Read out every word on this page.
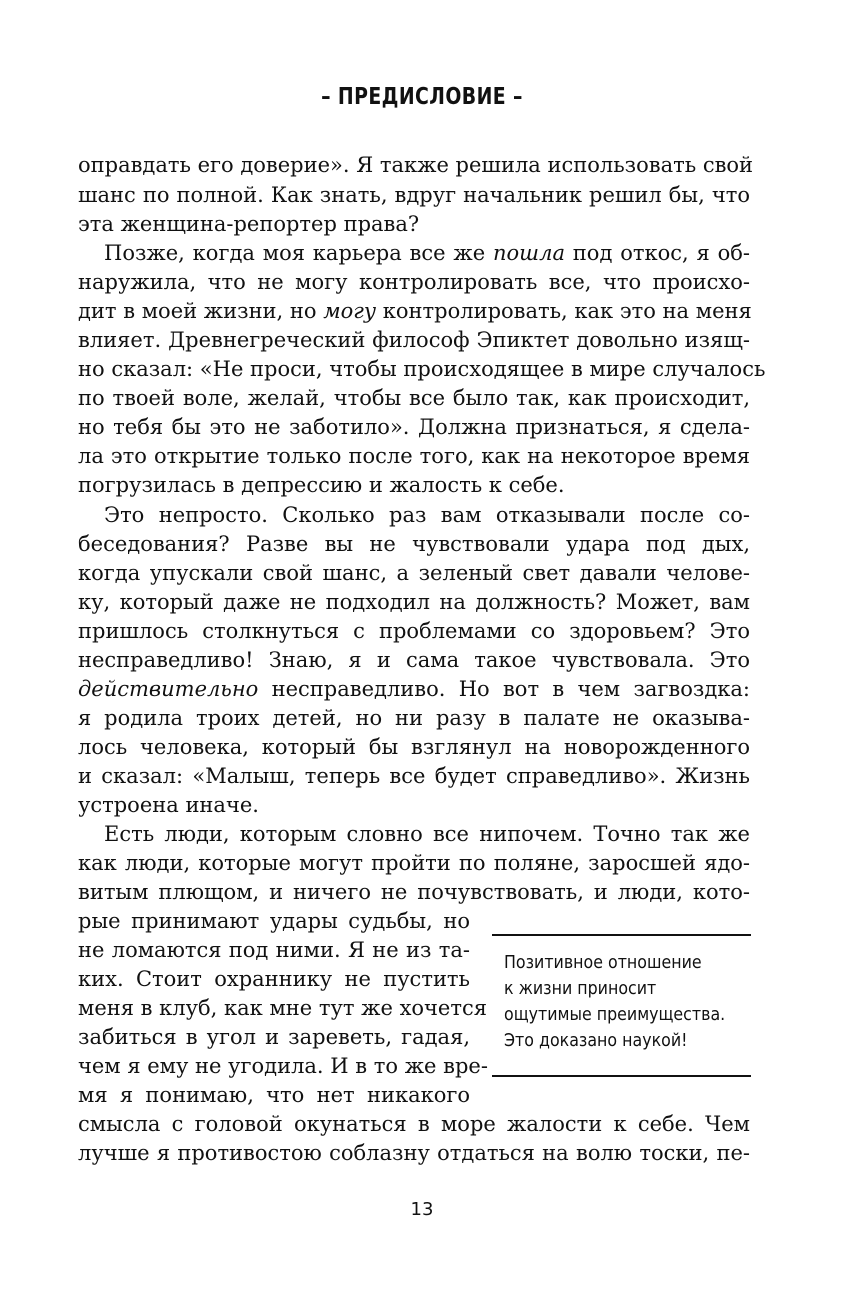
– ПРЕДИСЛОВИЕ –
оправдать его доверие». Я также решила использовать свой
шанс по полной. Как знать, вдруг начальник решил бы, что
эта женщина-репортер права?
Позже, когда моя карьера все же пошла под откос, я об-
наружила, что не могу контролировать все, что происхо-
дит в моей жизни, но могу контролировать, как это на меня
влияет. Древнегреческий философ Эпиктет довольно изящ-
но сказал: «Не проси, чтобы происходящее в мире случалось
по твоей воле, желай, чтобы все было так, как происходит,
но тебя бы это не заботило». Должна признаться, я сдела-
ла это открытие только после того, как на некоторое время
погрузилась в депрессию и жалость к себе.
Это непросто. Сколько раз вам отказывали после со-
беседования? Разве вы не чувствовали удара под дых,
когда упускали свой шанс, а зеленый свет давали челове-
ку, который даже не подходил на должность? Может, вам
пришлось столкнуться с проблемами со здоровьем? Это
несправедливо! Знаю, я и сама такое чувствовала. Это
действительно несправедливо. Но вот в чем загвоздка:
я родила троих детей, но ни разу в палате не оказыва-
лось человека, который бы взглянул на новорожденного
и сказал: «Малыш, теперь все будет справедливо». Жизнь
устроена иначе.
Есть люди, которым словно все нипочем. Точно так же
как люди, которые могут пройти по поляне, заросшей ядо-
витым плющом, и ничего не почувствовать, и люди, кото-
рые принимают удары судьбы, но
не ломаются под ними. Я не из та-
ких. Стоит охраннику не пустить
меня в клуб, как мне тут же хочется
забиться в угол и зареветь, гадая,
чем я ему не угодила. И в то же вре-
мя я понимаю, что нет никакого
смысла с головой окунаться в море жалости к себе. Чем
лучше я противостою соблазну отдаться на волю тоски, пе-
Позитивное отношение
к жизни приносит
ощутимые преимущества.
Это доказано наукой!
13
